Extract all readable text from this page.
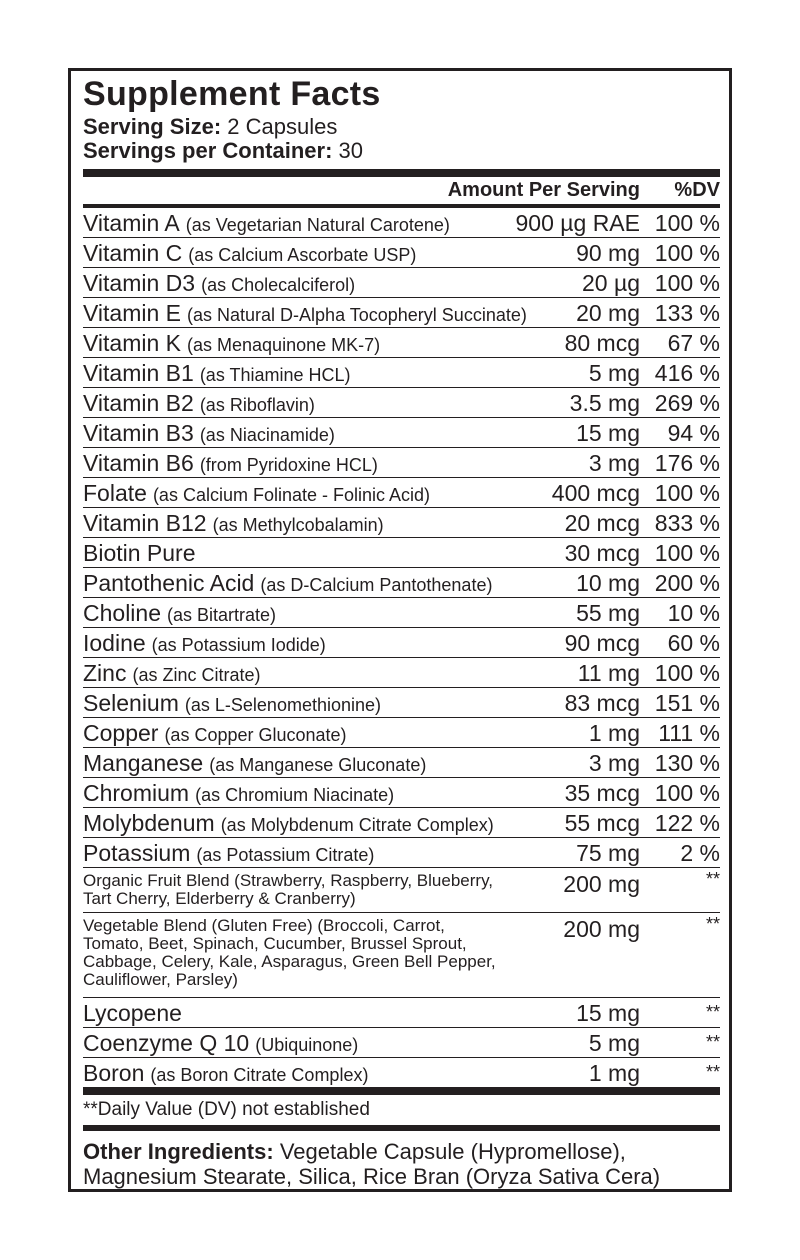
Supplement Facts
Serving Size: 2 Capsules
Servings per Container: 30
Amount Per Serving %DV
Vitamin A (as Vegetarian Natural Carotene)	900 µg RAE 100 %
Vitamin C (as Calcium Ascorbate USP)	90 mg 100 %
Vitamin D3 (as Cholecalciferol)	20 µg 100 %
Vitamin E (as Natural D-Alpha Tocopheryl Succinate) 20 mg 133 %
Vitamin K (as Menaquinone MK-7)	80 mcg 67 %
Vitamin B1 (as Thiamine HCL)	5 mg 416 %
Vitamin B2 (as Riboflavin)	3.5 mg 269 %
Vitamin B3 (as Niacinamide)	15 mg 94 %
Vitamin B6 (from Pyridoxine HCL)	3 mg 176 %
Folate (as Calcium Folinate - Folinic Acid)	400 mcg 100 %
Vitamin B12 (as Methylcobalamin)	20 mcg 833 %
Biotin Pure	30 mcg 100 %
Pantothenic Acid (as D-Calcium Pantothenate)	10 mg 200 %
Choline (as Bitartrate)	55 mg 10 %
Iodine (as Potassium Iodide)	90 mcg 60 %
Zinc (as Zinc Citrate)	11 mg 100 %
Selenium (as L-Selenomethionine)	83 mcg 151 %
Copper (as Copper Gluconate)	1 mg 111 %
Manganese (as Manganese Gluconate)	3 mg 130 %
Chromium (as Chromium Niacinate)	35 mcg 100 %
Molybdenum (as Molybdenum Citrate Complex)	55 mcg 122 %
Potassium (as Potassium Citrate)	75 mg 2 %
Organic Fruit Blend (Strawberry, Raspberry, Blueberry, Tart Cherry, Elderberry & Cranberry)
200 mg	**
Vegetable Blend (Gluten Free) (Broccoli, Carrot, Tomato, Beet, Spinach, Cucumber, Brussel Sprout, Cabbage, Celery, Kale, Asparagus, Green Bell Pepper, Cauliflower, Parsley)
200 mg	**
Lycopene	15 mg	**
Coenzyme Q 10 (Ubiquinone)	5 mg	**
Boron (as Boron Citrate Complex)	1 mg	**
**Daily Value (DV) not established
Other Ingredients: Vegetable Capsule (Hypromellose), Magnesium Stearate, Silica, Rice Bran (Oryza Sativa Cera)
